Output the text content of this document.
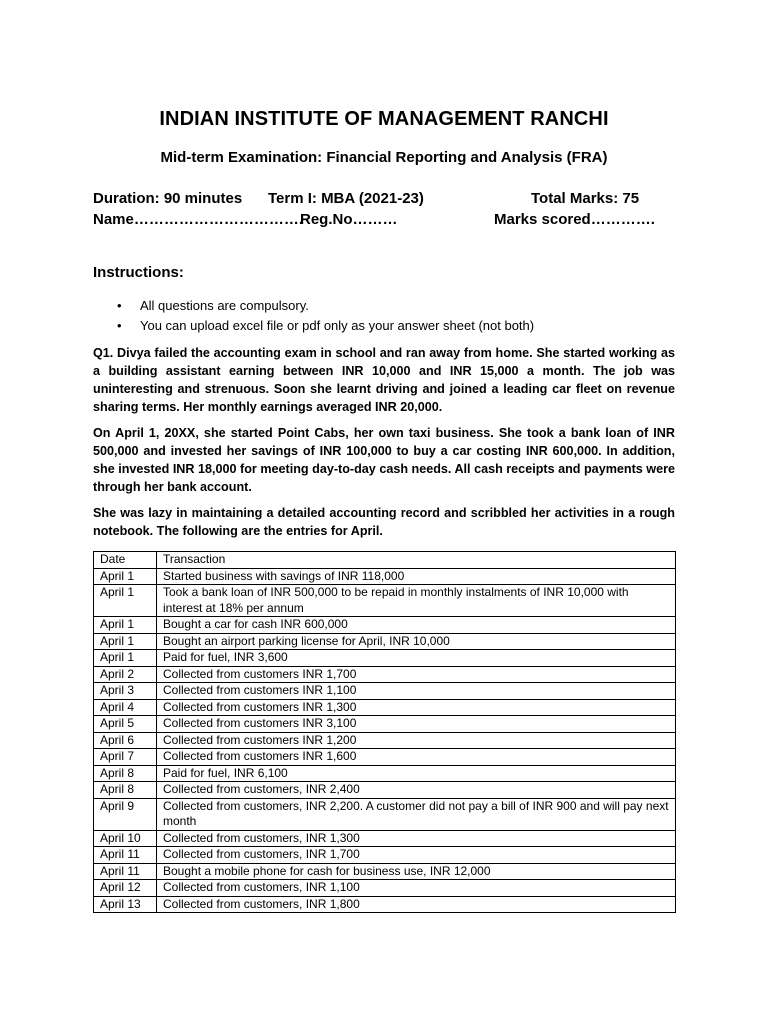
INDIAN INSTITUTE OF MANAGEMENT RANCHI
Mid-term Examination: Financial Reporting and Analysis (FRA)
Duration: 90 minutes Term I: MBA (2021-23)	Total Marks: 75
Name…………………………….
Reg.No………	Marks scored………….
Instructions:
• All questions are compulsory.
• You can upload excel file or pdf only as your answer sheet (not both)
Q1. Divya failed the accounting exam in school and ran away from home. She started working as a building assistant earning between INR 10,000 and INR 15,000 a month. The job was uninteresting and strenuous. Soon she learnt driving and joined a leading car fleet on revenue sharing terms. Her monthly earnings averaged INR 20,000.
On April 1, 20XX, she started Point Cabs, her own taxi business. She took a bank loan of INR 500,000 and invested her savings of INR 100,000 to buy a car costing INR 600,000. In addition, she invested INR 18,000 for meeting day-to-day cash needs. All cash receipts and payments were through her bank account.
She was lazy in maintaining a detailed accounting record and scribbled her activities in a rough notebook. The following are the entries for April.
Date	Transaction
April 1	Started business with savings of INR 118,000
April 1	Took a bank loan of INR 500,000 to be repaid in monthly instalments of INR 10,000 with interest at 18% per annum
April 1	Bought a car for cash INR 600,000
April 1	Bought an airport parking license for April, INR 10,000
April 1	Paid for fuel, INR 3,600
April 2	Collected from customers INR 1,700
April 3	Collected from customers INR 1,100
April 4	Collected from customers INR 1,300
April 5	Collected from customers INR 3,100
April 6	Collected from customers INR 1,200
April 7	Collected from customers INR 1,600
April 8	Paid for fuel, INR 6,100
April 8	Collected from customers, INR 2,400
April 9	Collected from customers, INR 2,200. A customer did not pay a bill of INR 900 and will pay next month
April 10	Collected from customers, INR 1,300
April 11	Collected from customers, INR 1,700
April 11	Bought a mobile phone for cash for business use, INR 12,000
April 12	Collected from customers, INR 1,100
April 13	Collected from customers, INR 1,800
